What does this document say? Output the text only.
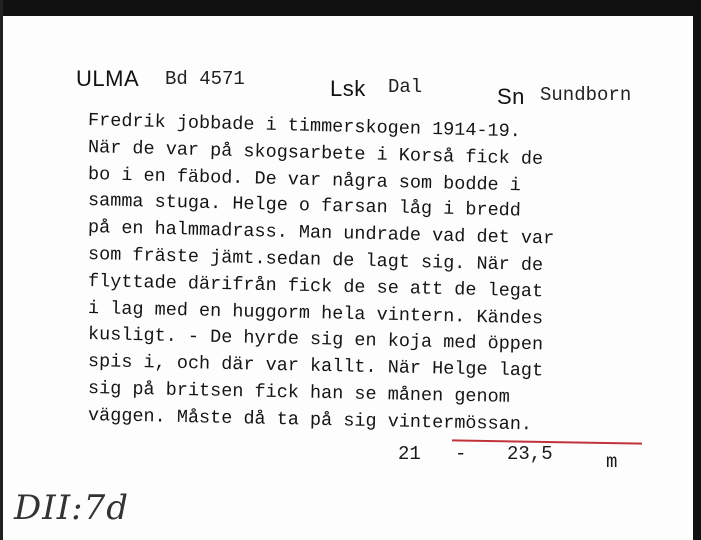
ULMA Bd 4571	Lsk Dal	Sn Sundborn
Fredrik jobbade i timmerskogen 1914-19.
När de var på skogsarbete i Korså fick de
bo i en fäbod. De var några som bodde i
samma stuga. Helge o farsan låg i bredd
på en halmmadrass. Man undrade vad det var
som fräste jämt.sedan de lagt sig. När de
flyttade därifrån fick de se att de legat
i lag med en huggorm hela vintern. Kändes
kusligt. - De hyrde sig en koja med öppen
spis i, och där var kallt. När Helge lagt
sig på britsen fick han se månen genom
väggen. Måste då ta på sig vintermössan.
21 - 23,5	m
DII:7d
